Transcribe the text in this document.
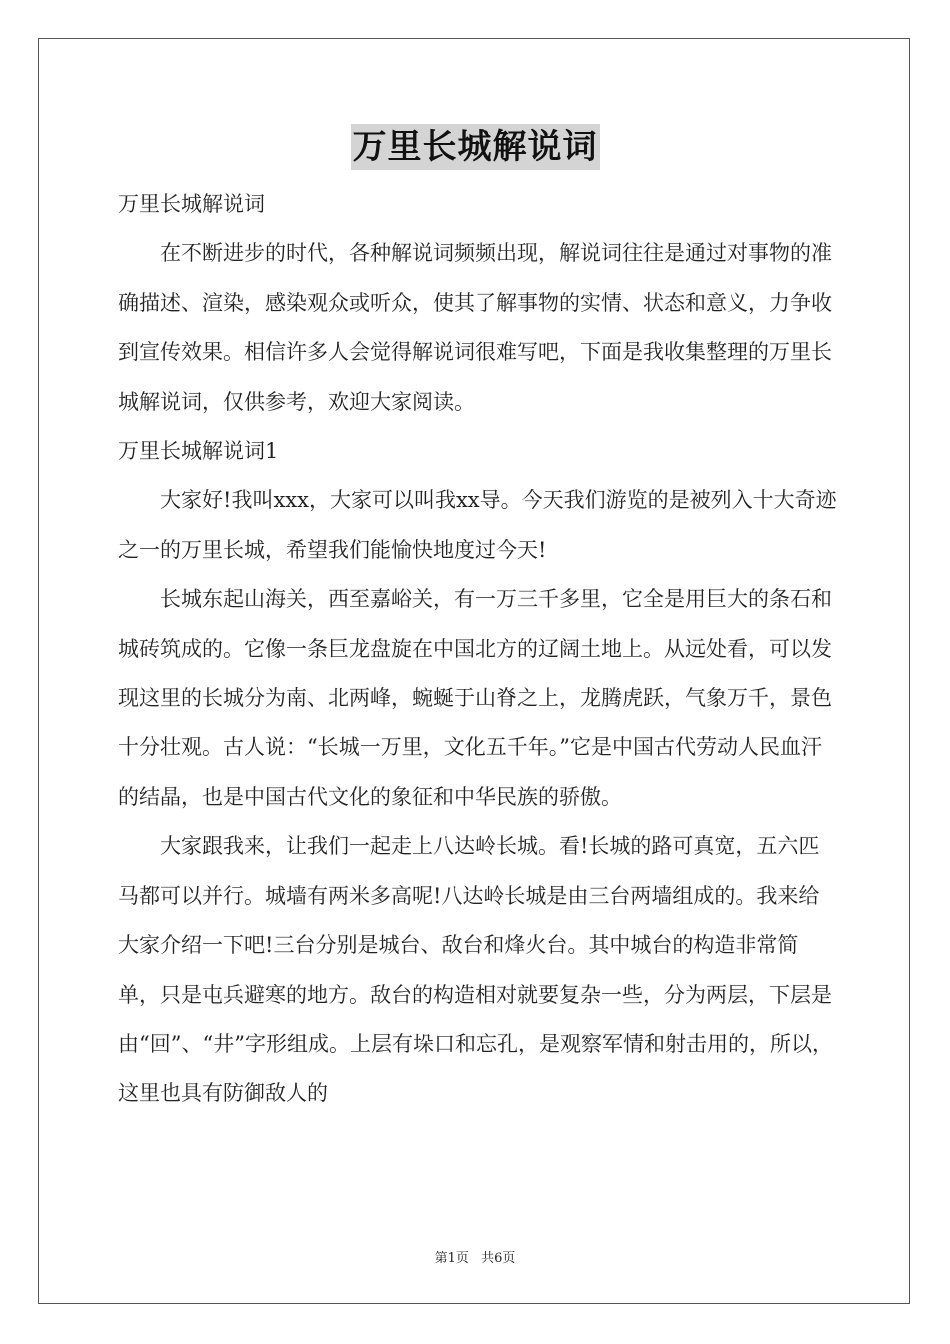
万里长城解说词

万里长城解说词

在不断进步的时代，各种解说词频频出现，解说词往往是通过对事物的准确描述、渲染，感染观众或听众，使其了解事物的实情、状态和意义，力争收到宣传效果。相信许多人会觉得解说词很难写吧，下面是我收集整理的万里长城解说词，仅供参考，欢迎大家阅读。

万里长城解说词1

大家好!我叫xxx，大家可以叫我xx导。今天我们游览的是被列入十大奇迹之一的万里长城，希望我们能愉快地度过今天!

长城东起山海关，西至嘉峪关，有一万三千多里，它全是用巨大的条石和城砖筑成的。它像一条巨龙盘旋在中国北方的辽阔土地上。从远处看，可以发现这里的长城分为南、北两峰，蜿蜒于山脊之上，龙腾虎跃，气象万千，景色十分壮观。古人说：“长城一万里，文化五千年。”它是中国古代劳动人民血汗的结晶，也是中国古代文化的象征和中华民族的骄傲。

大家跟我来，让我们一起走上八达岭长城。看!长城的路可真宽，五六匹马都可以并行。城墙有两米多高呢!八达岭长城是由三台两墙组成的。我来给大家介绍一下吧!三台分别是城台、敌台和烽火台。其中城台的构造非常简单，只是屯兵避寒的地方。敌台的构造相对就要复杂一些，分为两层，下层是由“回”、“井”字形组成。上层有垛口和忘孔，是观察军情和射击用的，所以，这里也具有防御敌人的

第1页 共6页
